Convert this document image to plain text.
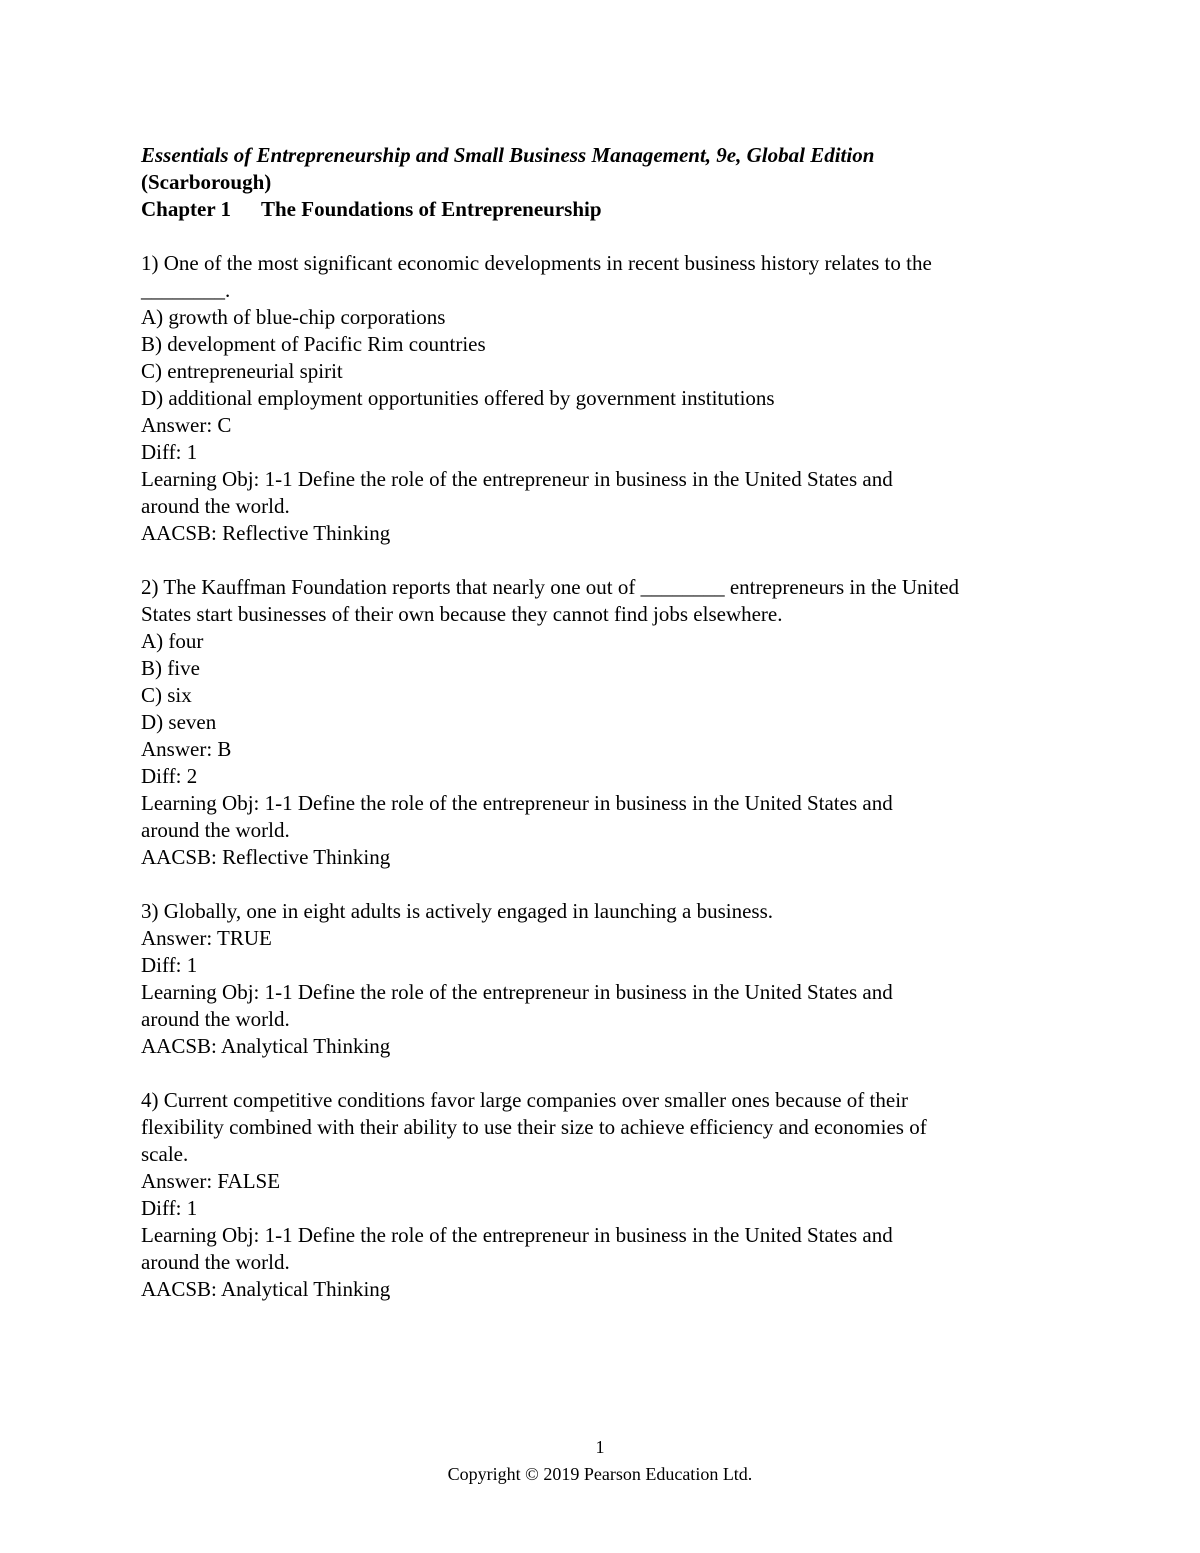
Essentials of Entrepreneurship and Small Business Management, 9e, Global Edition
(Scarborough)
Chapter 1 The Foundations of Entrepreneurship
1) One of the most significant economic developments in recent business history relates to the
________.
A) growth of blue-chip corporations
B) development of Pacific Rim countries
C) entrepreneurial spirit
D) additional employment opportunities offered by government institutions
Answer: C
Diff: 1
Learning Obj: 1-1 Define the role of the entrepreneur in business in the United States and
around the world.
AACSB: Reflective Thinking
2) The Kauffman Foundation reports that nearly one out of ________ entrepreneurs in the United
States start businesses of their own because they cannot find jobs elsewhere.
A) four
B) five
C) six
D) seven
Answer: B
Diff: 2
Learning Obj: 1-1 Define the role of the entrepreneur in business in the United States and
around the world.
AACSB: Reflective Thinking
3) Globally, one in eight adults is actively engaged in launching a business.
Answer: TRUE
Diff: 1
Learning Obj: 1-1 Define the role of the entrepreneur in business in the United States and
around the world.
AACSB: Analytical Thinking
4) Current competitive conditions favor large companies over smaller ones because of their
flexibility combined with their ability to use their size to achieve efficiency and economies of
scale.
Answer: FALSE
Diff: 1
Learning Obj: 1-1 Define the role of the entrepreneur in business in the United States and
around the world.
AACSB: Analytical Thinking
1
Copyright © 2019 Pearson Education Ltd.
